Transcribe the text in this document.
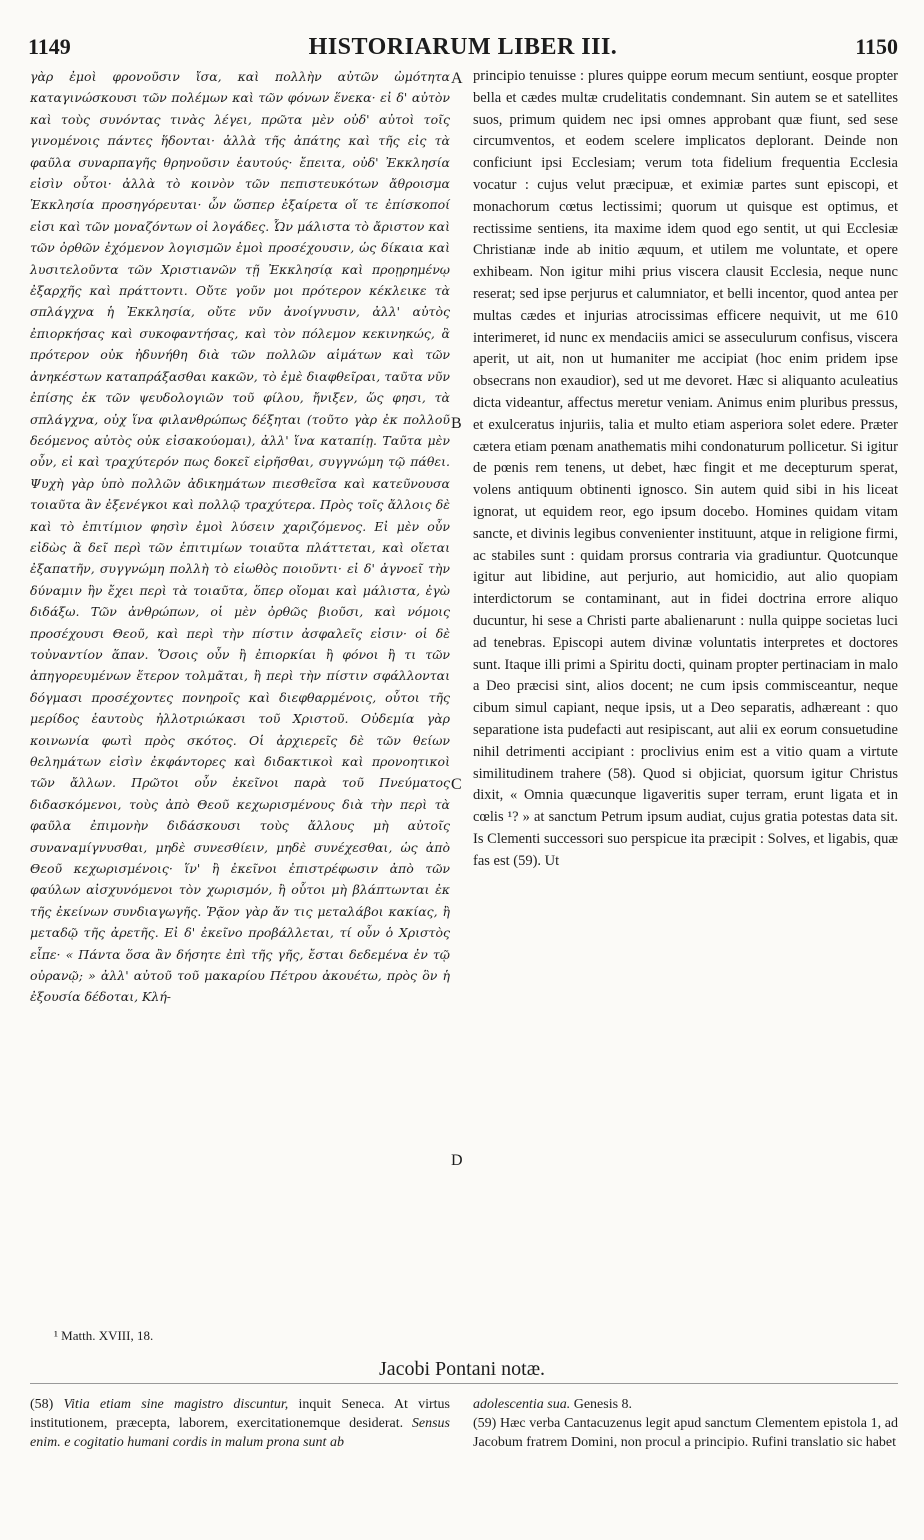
1149	HISTORIARUM LIBER III.	1150

γὰρ ἐμοὶ φρονοῦσιν ἴσα, καὶ πολλὴν αὐτῶν ὠμότητα καταγινώσκουσι τῶν πολέμων καὶ τῶν φόνων ἕνεκα· εἰ δ' αὐτὸν καὶ τοὺς συνόντας τινὰς λέγει, πρῶτα μὲν οὐδ' αὐτοὶ τοῖς γινομένοις πάντες ἥδονται· ἀλλὰ τῆς ἀπάτης καὶ τῆς εἰς τὰ φαῦλα συναρπαγῆς θρηνοῦσιν ἑαυτούς· ἔπειτα, οὐδ' Ἐκκλησία εἰσὶν οὗτοι· ἀλλὰ τὸ κοινὸν τῶν πεπιστευκότων ἄθροισμα Ἐκκλησία προσηγόρευται· ὧν ὥσπερ ἐξαίρετα οἵ τε ἐπίσκοποί εἰσι καὶ τῶν μοναζόντων οἱ λογάδες. Ὧν μάλιστα τὸ ἄριστον καὶ τῶν ὀρθῶν ἐχόμενον λογισμῶν ἐμοὶ προσέχουσιν, ὡς δίκαια καὶ λυσιτελοῦντα τῶν Χριστιανῶν τῇ Ἐκκλησίᾳ καὶ προῃρημένῳ ἐξαρχῆς καὶ πράττοντι. Οὔτε γοῦν μοι πρότερον κέκλεικε τὰ σπλάγχνα ἡ Ἐκκλησία, οὔτε νῦν ἀνοίγνυσιν, ἀλλ' αὐτὸς ἐπιορκήσας καὶ συκοφαντήσας, καὶ τὸν πόλεμον κεκινηκώς, ἃ πρότερον οὐκ ἠδυνήθη διὰ τῶν πολλῶν αἱμάτων καὶ τῶν ἀνηκέστων καταπράξασθαι κακῶν, τὸ ἐμὲ διαφθεῖραι, ταῦτα νῦν ἐπίσης ἐκ τῶν ψευδολογιῶν τοῦ φίλου, ἤνιξεν, ὥς φησι, τὰ σπλάγχνα, οὐχ ἵνα φιλανθρώπως δέξηται (τοῦτο γὰρ ἐκ πολλοῦ δεόμενος αὐτὸς οὐκ εἰσακούομαι), ἀλλ' ἵνα καταπίῃ. Ταῦτα μὲν οὖν, εἰ καὶ τραχύτερόν πως δοκεῖ εἰρῆσθαι, συγγνώμη τῷ πάθει. Ψυχὴ γὰρ ὑπὸ πολλῶν ἀδικημάτων πιεσθεῖσα καὶ κατεῦνουσα τοιαῦτα ἂν ἐξενέγκοι καὶ πολλῷ τραχύτερα. Πρὸς τοῖς ἄλλοις δὲ καὶ τὸ ἐπιτίμιον φησὶν ἐμοὶ λύσειν χαριζόμενος. Εἰ μὲν οὖν εἰδὼς ἃ δεῖ περὶ τῶν ἐπιτιμίων τοιαῦτα πλάττεται, καὶ οἴεται ἐξαπατῆν, συγγνώμη πολλὴ τὸ εἰωθὸς ποιοῦντι· εἰ δ' ἀγνοεῖ τὴν δύναμιν ἣν ἔχει περὶ τὰ τοιαῦτα, ὅπερ οἴομαι καὶ μάλιστα, ἐγὼ διδάξω. Τῶν ἀνθρώπων, οἱ μὲν ὀρθῶς βιοῦσι, καὶ νόμοις προσέχουσι Θεοῦ, καὶ περὶ τὴν πίστιν ἀσφαλεῖς εἰσιν· οἱ δὲ τοὐναντίον ἅπαν. Ὅσοις οὖν ἢ ἐπιορκίαι ἢ φόνοι ἢ τι τῶν ἀπηγορευμένων ἕτερον τολμᾶται, ἢ περὶ τὴν πίστιν σφάλλονται δόγμασι προσέχοντες πονηροῖς καὶ διεφθαρμένοις, οὗτοι τῆς μερίδος ἑαυτοὺς ἠλλοτριώκασι τοῦ Χριστοῦ. Οὐδεμία γὰρ κοινωνία φωτὶ πρὸς σκότος. Οἱ ἀρχιερεῖς δὲ τῶν θείων θελημάτων εἰσὶν ἐκφάντορες καὶ διδακτικοὶ καὶ προνοητικοὶ τῶν ἄλλων. Πρῶτοι οὖν ἐκεῖνοι παρὰ τοῦ Πνεύματος διδασκόμενοι, τοὺς ἀπὸ Θεοῦ κεχωρισμένους διὰ τὴν περὶ τὰ φαῦλα ἐπιμονὴν διδάσκουσι τοὺς ἄλλους μὴ αὐτοῖς συναναμίγνυσθαι, μηδὲ συνεσθίειν, μηδὲ συνέχεσθαι, ὡς ἀπὸ Θεοῦ κεχωρισμένοις· ἵν' ἢ ἐκεῖνοι ἐπιστρέφωσιν ἀπὸ τῶν φαύλων αἰσχυνόμενοι τὸν χωρισμόν, ἢ οὗτοι μὴ βλάπτωνται ἐκ τῆς ἐκείνων συνδιαγωγῆς. Ῥᾷον γὰρ ἄν τις μεταλάβοι κακίας, ἢ μεταδῷ τῆς ἀρετῆς. Εἰ δ' ἐκεῖνο προβάλλεται, τί οὖν ὁ Χριστὸς εἶπε· « Πάντα ὅσα ἂν δήσητε ἐπὶ τῆς γῆς, ἔσται δεδεμένα ἐν τῷ οὐρανῷ; » ἀλλ' αὐτοῦ τοῦ μακαρίου Πέτρου ἀκουέτω, πρὸς ὃν ἡ ἐξουσία δέδοται, Κλή-

A
B
C
D

principio tenuisse : plures quippe eorum mecum sentiunt, eosque propter bella et cædes multæ crudelitatis condemnant. Sin autem se et satellites suos, primum quidem nec ipsi omnes approbant quæ fiunt, sed sese circumventos, et eodem scelere implicatos deplorant. Deinde non conficiunt ipsi Ecclesiam; verum tota fidelium frequentia Ecclesia vocatur : cujus velut præcipuæ, et eximiæ partes sunt episcopi, et monachorum cœtus lectissimi; quorum ut quisque est optimus, et rectissime sentiens, ita maxime idem quod ego sentit, ut qui Ecclesiæ Christianæ inde ab initio æquum, et utilem me voluntate, et opere exhibeam. Non igitur mihi prius viscera clausit Ecclesia, neque nunc reserat; sed ipse perjurus et calumniator, et belli incentor, quod antea per multas cædes et injurias atrocissimas efficere nequivit, ut me 610 interimeret, id nunc ex mendaciis amici se asseculurum confisus, viscera aperit, ut ait, non ut humaniter me accipiat (hoc enim pridem ipse obsecrans non exaudior), sed ut me devoret. Hæc si aliquanto aculeatius dicta videantur, affectus meretur veniam. Animus enim pluribus pressus, et exulceratus injuriis, talia et multo etiam asperiora solet edere. Præter cætera etiam pœnam anathematis mihi condonaturum pollicetur. Si igitur de pœnis rem tenens, ut debet, hæc fingit et me decepturum sperat, volens antiquum obtinenti ignosco. Sin autem quid sibi in his liceat ignorat, ut equidem reor, ego ipsum docebo. Homines quidam vitam sancte, et divinis legibus convenienter instituunt, atque in religione firmi, ac stabiles sunt : quidam prorsus contraria via gradiuntur. Quotcunque igitur aut libidine, aut perjurio, aut homicidio, aut alio quopiam interdictorum se contaminant, aut in fidei doctrina errore aliquo ducuntur, hi sese a Christi parte abalienarunt : nulla quippe societas luci ad tenebras. Episcopi autem divinæ voluntatis interpretes et doctores sunt. Itaque illi primi a Spiritu docti, quinam propter pertinaciam in malo a Deo præcisi sint, alios docent; ne cum ipsis commisceantur, neque cibum simul capiant, neque ipsis, ut a Deo separatis, adhæreant : quo separatione ista pudefacti aut resipiscant, aut alii ex eorum consuetudine nihil detrimenti accipiant : proclivius enim est a vitio quam a virtute similitudinem trahere (58). Quod si objiciat, quorsum igitur Christus dixit, « Omnia quæcunque ligaveritis super terram, erunt ligata et in cœlis ¹? » at sanctum Petrum ipsum audiat, cujus gratia potestas data sit. Is Clementi successori suo perspicue ita præcipit : Solves, et ligabis, quæ fas est (59). Ut

¹ Matth. XVIII, 18.
Jacobi Pontani notæ.

(58) Vitia etiam sine magistro discuntur, inquit Seneca. At virtus institutionem, præcepta, laborem, exercitationemque desiderat. Sensus enim. e cogitatio humani cordis in malum prona sunt ab

adolescentia sua. Genesis 8.

(59) Hæc verba Cantacuzenus legit apud sanctum Clementem epistola 1, ad Jacobum fratrem Domini, non procul a principio. Rufini translatio sic habet
